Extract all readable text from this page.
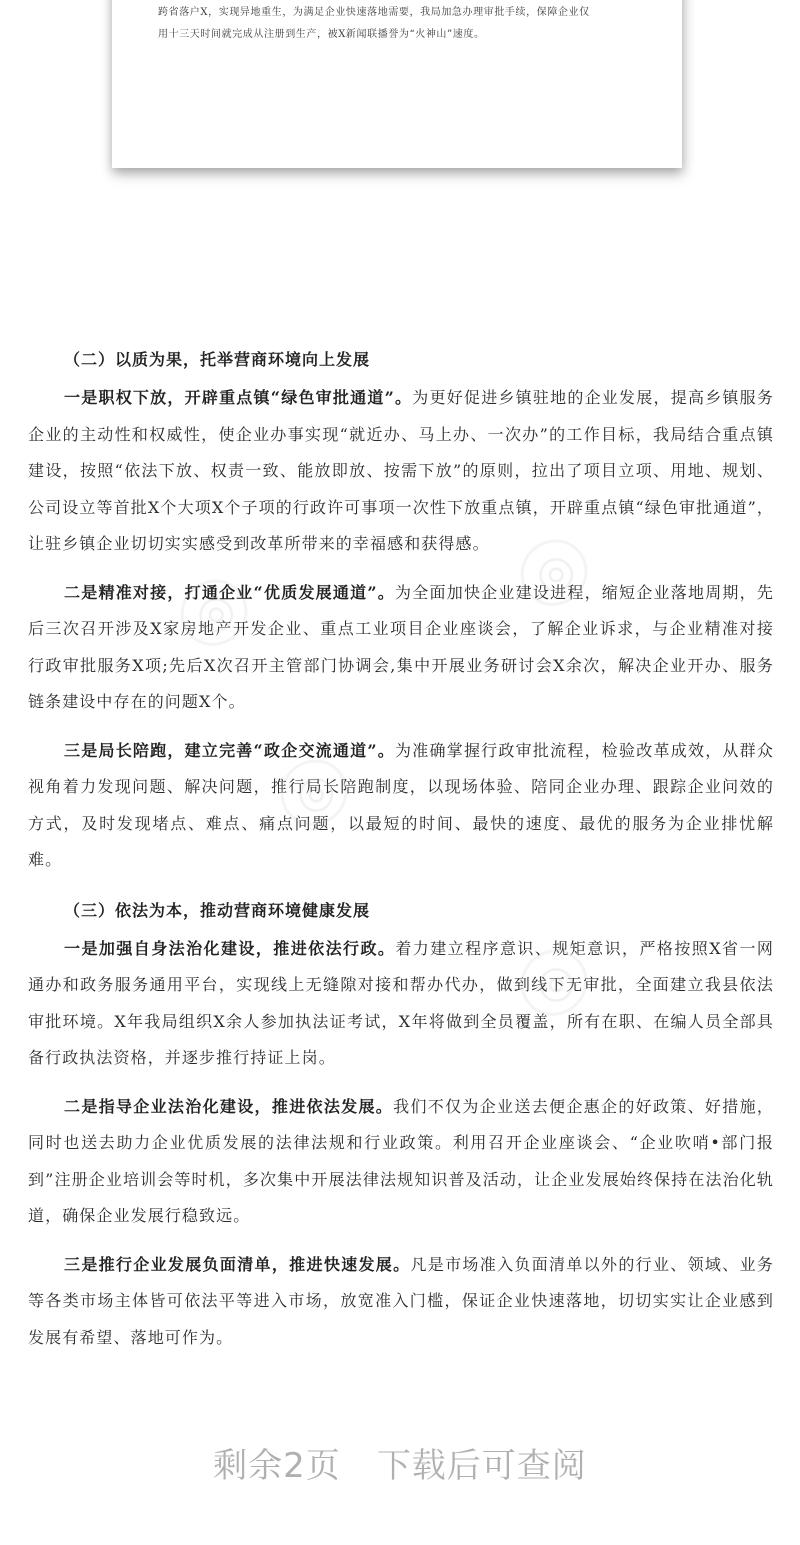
跨省落户X，实现异地重生，为满足企业快速落地需要，我局加急办理审批手续，保障企业仅

用十三天时间就完成从注册到生产，被X新闻联播誉为“火神山”速度。

（二）以质为果，托举营商环境向上发展

一是职权下放，开辟重点镇“绿色审批通道”。为更好促进乡镇驻地的企业发展，提高乡镇服务企业的主动性和权威性，使企业办事实现“就近办、马上办、一次办”的工作目标，我局结合重点镇建设，按照“依法下放、权责一致、能放即放、按需下放”的原则，拉出了项目立项、用地、规划、公司设立等首批X个大项X个子项的行政许可事项一次性下放重点镇，开辟重点镇“绿色审批通道”，让驻乡镇企业切切实实感受到改革所带来的幸福感和获得感。

二是精准对接，打通企业“优质发展通道”。为全面加快企业建设进程，缩短企业落地周期，先后三次召开涉及X家房地产开发企业、重点工业项目企业座谈会，了解企业诉求，与企业精准对接行政审批服务X项;先后X次召开主管部门协调会,集中开展业务研讨会X余次，解决企业开办、服务链条建设中存在的问题X个。

三是局长陪跑，建立完善“政企交流通道”。为准确掌握行政审批流程，检验改革成效，从群众视角着力发现问题、解决问题，推行局长陪跑制度，以现场体验、陪同企业办理、跟踪企业问效的方式，及时发现堵点、难点、痛点问题，以最短的时间、最快的速度、最优的服务为企业排忧解难。

（三）依法为本，推动营商环境健康发展

一是加强自身法治化建设，推进依法行政。着力建立程序意识、规矩意识，严格按照X省一网通办和政务服务通用平台，实现线上无缝隙对接和帮办代办，做到线下无审批，全面建立我县依法审批环境。X年我局组织X余人参加执法证考试，X年将做到全员覆盖，所有在职、在编人员全部具备行政执法资格，并逐步推行持证上岗。

二是指导企业法治化建设，推进依法发展。我们不仅为企业送去便企惠企的好政策、好措施，同时也送去助力企业优质发展的法律法规和行业政策。利用召开企业座谈会、“企业吹哨•部门报到”注册企业培训会等时机，多次集中开展法律法规知识普及活动，让企业发展始终保持在法治化轨道，确保企业发展行稳致远。

三是推行企业发展负面清单，推进快速发展。凡是市场准入负面清单以外的行业、领域、业务等各类市场主体皆可依法平等进入市场，放宽准入门槛，保证企业快速落地，切切实实让企业感到发展有希望、落地可作为。

◎
◎
◎
◎
剩余2页 下载后可查阅
